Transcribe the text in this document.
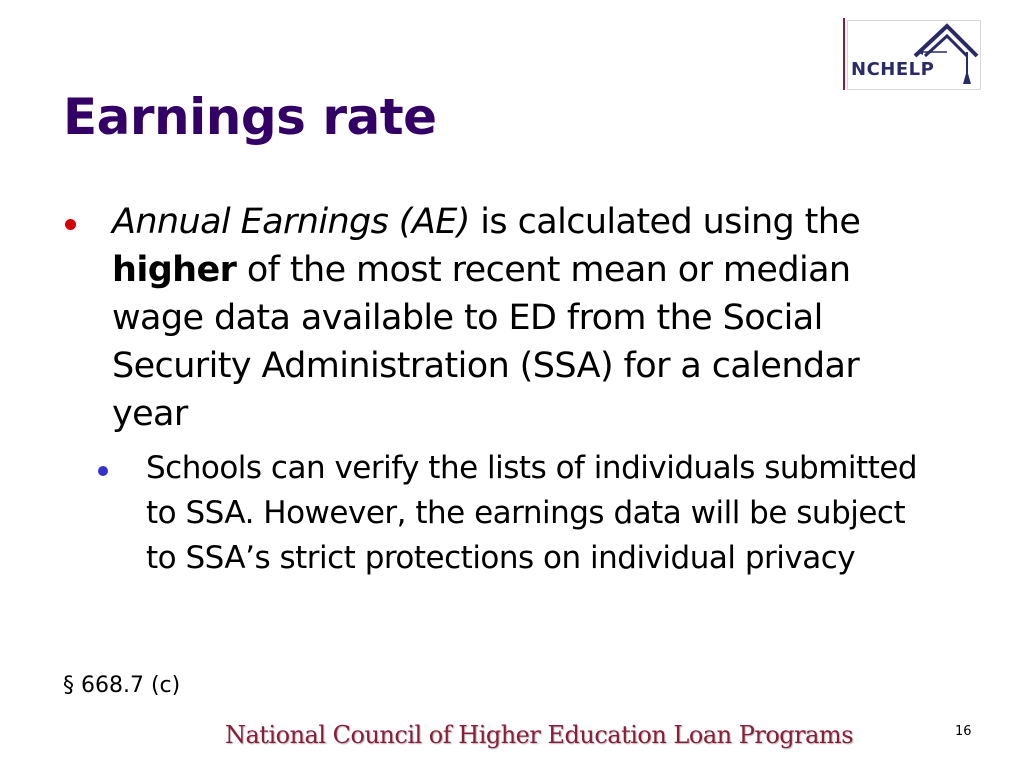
NCHELP
Earnings rate
Annual Earnings (AE) is calculated using the higher of the most recent mean or median wage data available to ED from the Social Security Administration (SSA) for a calendar year
Schools can verify the lists of individuals submitted to SSA. However, the earnings data will be subject to SSA’s strict protections on individual privacy
§ 668.7 (c)
National Council of Higher Education Loan Programs	16
